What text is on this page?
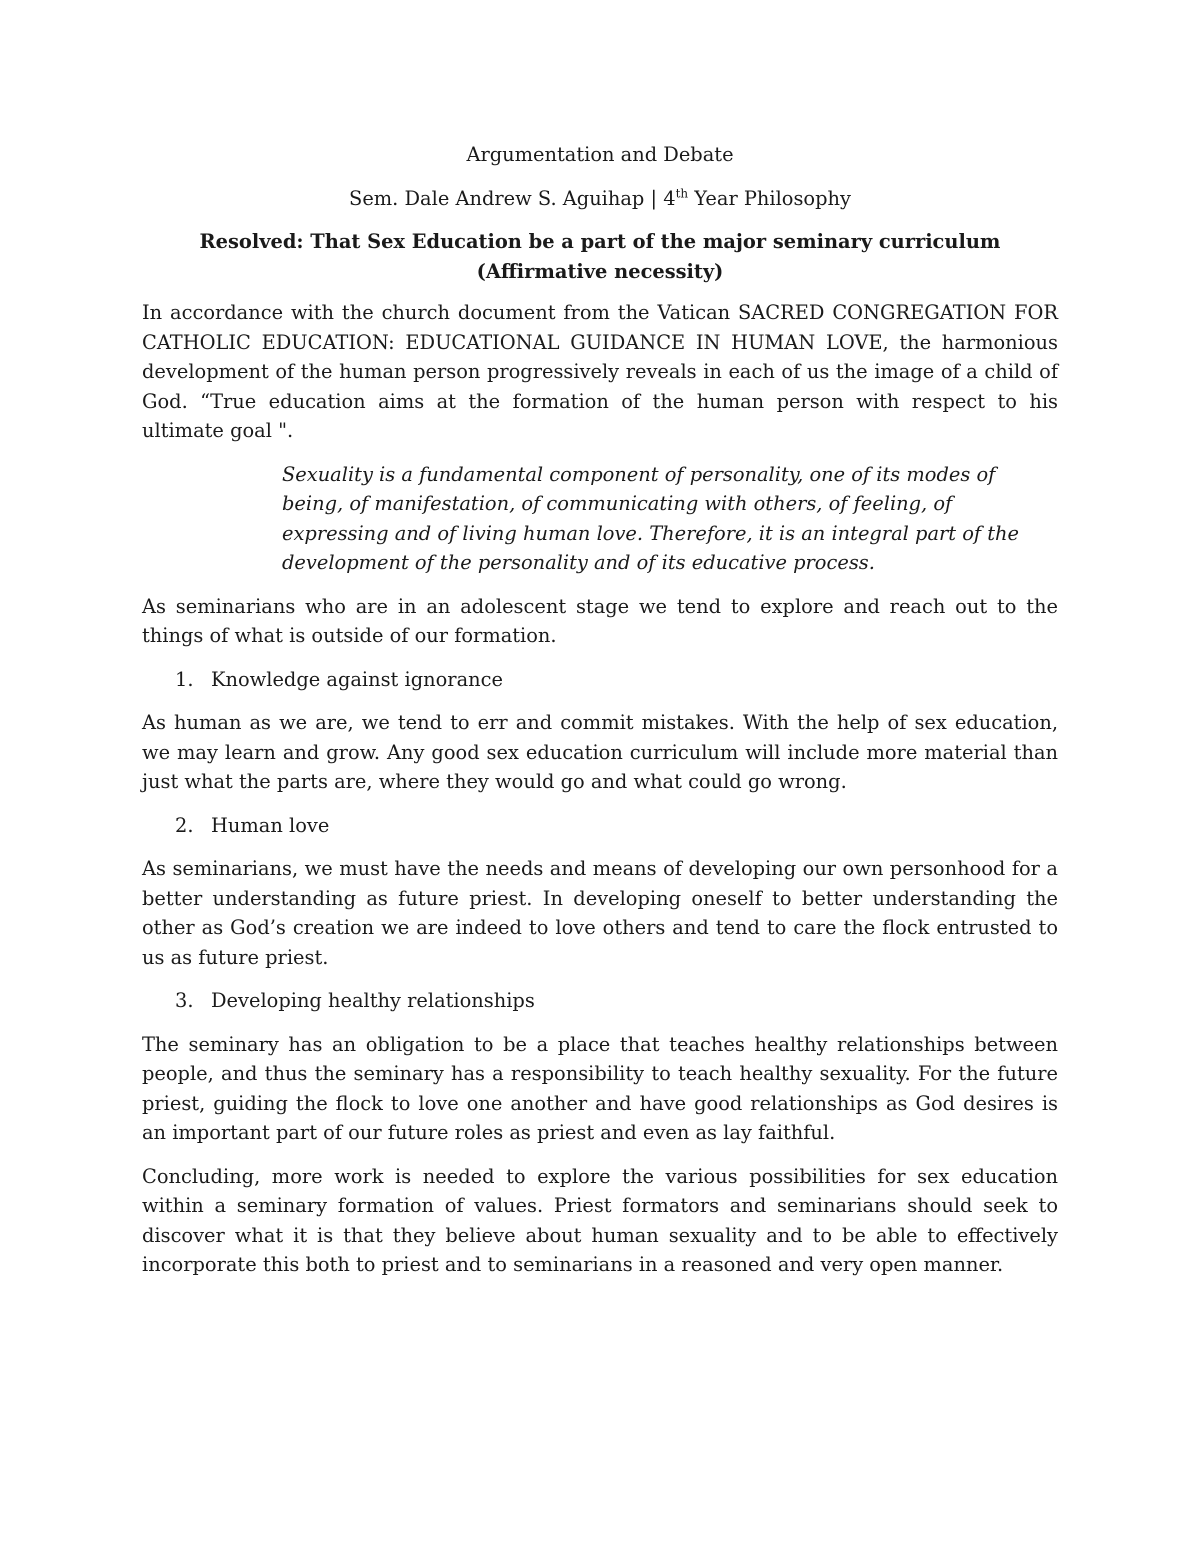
Argumentation and Debate

Sem. Dale Andrew S. Aguihap | 4th Year Philosophy

Resolved: That Sex Education be a part of the major seminary curriculum (Affirmative necessity)

In accordance with the church document from the Vatican SACRED CONGREGATION FOR CATHOLIC EDUCATION: EDUCATIONAL GUIDANCE IN HUMAN LOVE, the harmonious development of the human person progressively reveals in each of us the image of a child of God. “True education aims at the formation of the human person with respect to his ultimate goal ".

Sexuality is a fundamental component of personality, one of its modes of being, of manifestation, of communicating with others, of feeling, of expressing and of living human love. Therefore, it is an integral part of the development of the personality and of its educative process.

As seminarians who are in an adolescent stage we tend to explore and reach out to the things of what is outside of our formation.

1. Knowledge against ignorance

As human as we are, we tend to err and commit mistakes. With the help of sex education, we may learn and grow. Any good sex education curriculum will include more material than just what the parts are, where they would go and what could go wrong.

2. Human love

As seminarians, we must have the needs and means of developing our own personhood for a better understanding as future priest. In developing oneself to better understanding the other as God’s creation we are indeed to love others and tend to care the flock entrusted to us as future priest.

3. Developing healthy relationships

The seminary has an obligation to be a place that teaches healthy relationships between people, and thus the seminary has a responsibility to teach healthy sexuality. For the future priest, guiding the flock to love one another and have good relationships as God desires is an important part of our future roles as priest and even as lay faithful.

Concluding, more work is needed to explore the various possibilities for sex education within a seminary formation of values. Priest formators and seminarians should seek to discover what it is that they believe about human sexuality and to be able to effectively incorporate this both to priest and to seminarians in a reasoned and very open manner.
